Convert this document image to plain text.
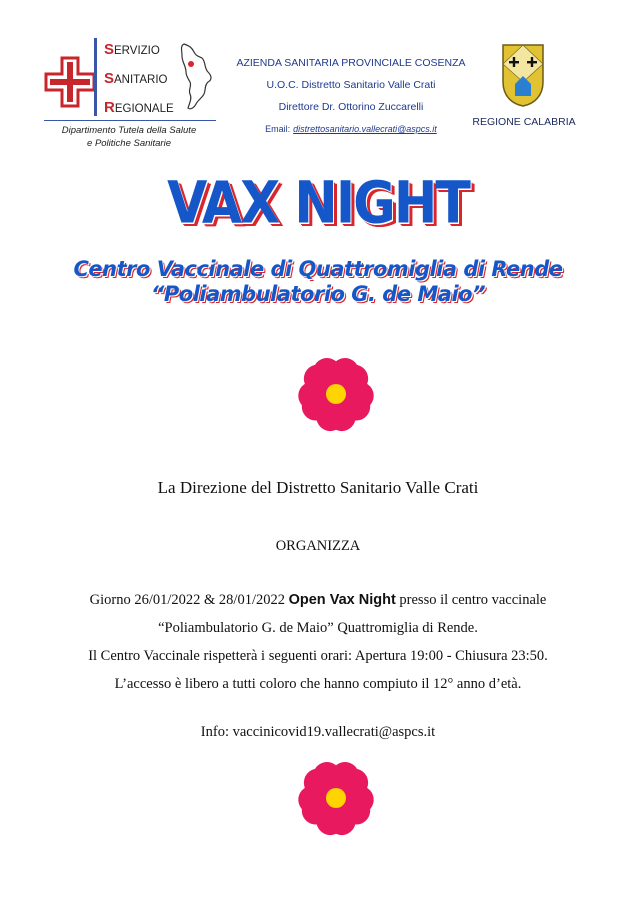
SERVIZIO
SANITARIO
REGIONALE
Dipartimento Tutela della Salute
e Politiche Sanitarie
AZIENDA SANITARIA PROVINCIALE COSENZA
U.O.C. Distretto Sanitario Valle Crati
Direttore Dr. Ottorino Zuccarelli
Email: distrettosanitario.vallecrati@aspcs.it
REGIONE CALABRIA
VAX NIGHT
Centro Vaccinale di Quattromiglia di Rende
“Poliambulatorio G. de Maio”
La Direzione del Distretto Sanitario Valle Crati
ORGANIZZA
Giorno 26/01/2022 & 28/01/2022 Open Vax Night presso il centro vaccinale
“Poliambulatorio G. de Maio” Quattromiglia di Rende.
Il Centro Vaccinale rispetterà i seguenti orari: Apertura 19:00 - Chiusura 23:50.
L’accesso è libero a tutti coloro che hanno compiuto il 12° anno d’età.
Info: vaccinicovid19.vallecrati@aspcs.it
